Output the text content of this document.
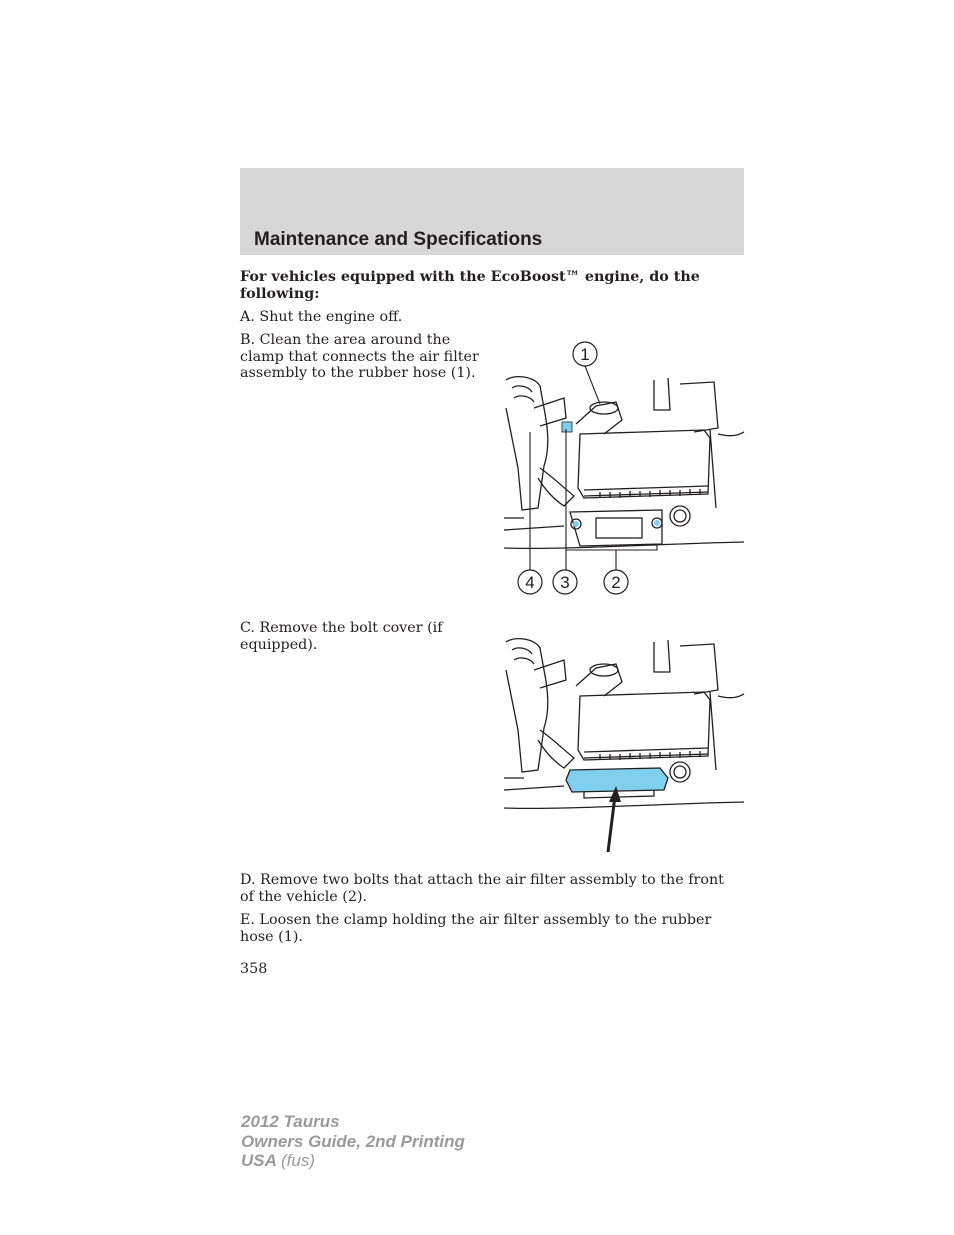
Maintenance and Specifications

For vehicles equipped with the EcoBoost™ engine, do the following:

A. Shut the engine off.

B. Clean the area around the clamp that connects the air filter assembly to the rubber hose (1).

C. Remove the bolt cover (if equipped).

D. Remove two bolts that attach the air filter assembly to the front of the vehicle (2).

E. Loosen the clamp holding the air filter assembly to the rubber hose (1).

1
4 3 2
358
2012 Taurus
Owners Guide, 2nd Printing
USA (fus)
